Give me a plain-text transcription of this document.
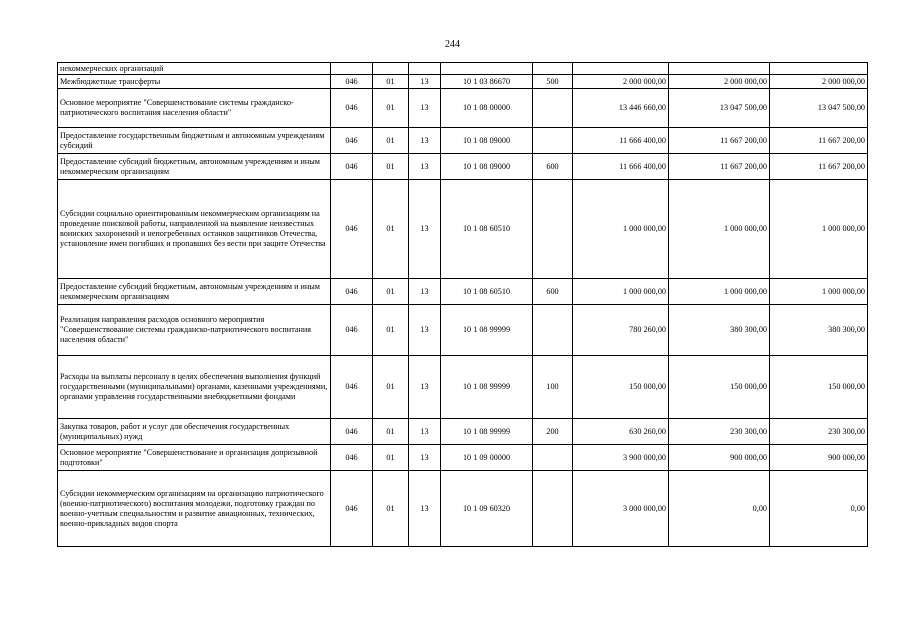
244
некоммерческих организаций								
Межбюджетные трансферты	046	01	13	10 1 03 86670	500	2 000 000,00	2 000 000,00	2 000 000,00
Основное мероприятие "Совершенствование системы гражданско-патриотического воспитания населения области"	046	01	13	10 1 08 00000		13 446 660,00	13 047 500,00	13 047 500,00
Предоставление государственным бюджетным и автономным учреждениям субсидий	046	01	13	10 1 08 09000		11 666 400,00	11 667 200,00	11 667 200,00
Предоставление субсидий бюджетным, автономным учреждениям и иным некоммерческим организациям	046	01	13	10 1 08 09000	600	11 666 400,00	11 667 200,00	11 667 200,00
Субсидии социально ориентированным некоммерческим организациям на проведение поисковой работы, направленной на выявление неизвестных воинских захоронений и непогребенных останков защитников Отечества, установление имен погибших и пропавших без вести при защите Отечества	046	01	13	10 1 08 60510		1 000 000,00	1 000 000,00	1 000 000,00
Предоставление субсидий бюджетным, автономным учреждениям и иным некоммерческим организациям	046	01	13	10 1 08 60510	600	1 000 000,00	1 000 000,00	1 000 000,00
Реализация направления расходов основного мероприятия "Совершенствование системы гражданско-патриотического воспитания населения области"	046	01	13	10 1 08 99999		780 260,00	380 300,00	380 300,00
Расходы на выплаты персоналу в целях обеспечения выполнения функций государственными (муниципальными) органами, казенными учреждениями, органами управления государственными внебюджетными фондами	046	01	13	10 1 08 99999	100	150 000,00	150 000,00	150 000,00
Закупка товаров, работ и услуг для обеспечения государственных (муниципальных) нужд	046	01	13	10 1 08 99999	200	630 260,00	230 300,00	230 300,00
Основное мероприятие "Совершенствование и организация допризывной подготовки"	046	01	13	10 1 09 00000		3 900 000,00	900 000,00	900 000,00
Субсидии некоммерческим организациям на организацию патриотического (военно-патриотического) воспитания молодежи, подготовку граждан по военно-учетным специальностям и развитие авиационных, технических, военно-прикладных видов спорта	046	01	13	10 1 09 60320		3 000 000,00	0,00	0,00
